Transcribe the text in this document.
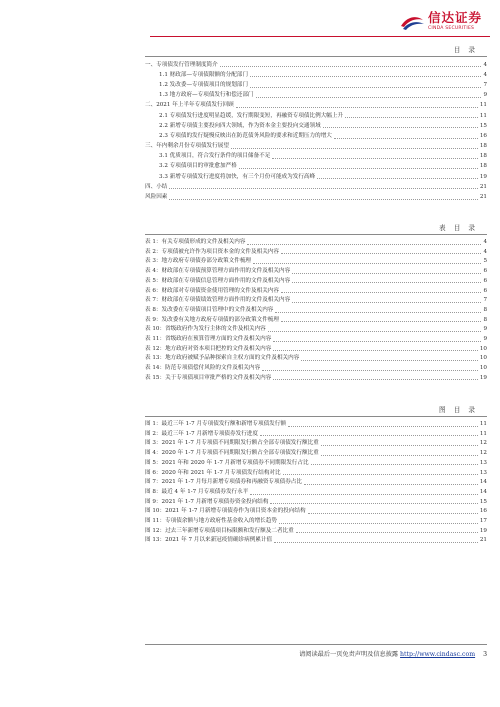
信达证券
CINDA SECURITIES
目 录
一、专项债发行管理制度简介	4
1.1 财政部—专项债限额的分配部门	4
1.2 发改委—专项债项目的规划部门	7
1.3 地方政府—专项债发行和偿还部门	9
二、2021 年上半年专项债发行回顾	11
2.1 专项债发行进度明显趋缓，发行期限变短，再融资专项债比例大幅上升	11
2.2 新增专项债主要投向四大领域，作为资本金主要投向交通领域	15
2.3 专项债的发行疑慢反映出在防范债务风险的要求和近期压力的增大	16
三、年内剩余月份专项债发行展望	18
3.1 优质项目，符合发行条件的项目储备不足	18
3.2 专项债项目的审批愈加严格	18
3.3 新增专项债发行进度将加快，有三个月份可能成为发行高峰	19
四、小结	21
风险因素	21
表 目 录
表 1：有关专项债形成的文件及相关内容	4
表 2：专项债被允许作为项目资本金的文件及相关内容	4
表 3：地方政府专项债券部分政策文件梳理	5
表 4：财政部在专项债预算管理方面作用的文件及相关内容	6
表 5：财政部在专项债信息管理方面作用的文件及相关内容	6
表 6：财政部对专项债资金使用管理的文件及相关内容	6
表 7：财政部在专项债绩效管理方面作用的文件及相关内容	7
表 8：发改委在专项债项目管理中的文件及相关内容	8
表 9：发改委有关地方政府专项债的部分政策文件梳理	8
表 10：省级政府作为发行主体的文件及相关内容	9
表 11：省级政府在预算管理方面的文件及相关内容	9
表 12：地方政府对资本项目把控的文件及相关内容	10
表 13：地方政府被赋予品种探索自主权方面的文件及相关内容	10
表 14：防范专项债偿付风险的文件及相关内容	10
表 15：关于专项债项目审批严格的文件及相关内容	19
图 目 录
图 1：最近三年 1-7 月专项债发行额和新增专项债发行额	11
图 2：最近三年 1-7 月新增专项债券发行进度	11
图 3：2021 年 1-7 月专项债不同期限发行额占全部专项债发行额比重	12
图 4：2020 年 1-7 月专项债不同期限发行额占全部专项债发行额比重	12
图 5：2021 年和 2020 年 1-7 月新增专项债券不同期限发行占比	13
图 6：2020 年和 2021 年 1-7 月专项债发行结构对比	13
图 7：2021 年 1-7 月每月新增专项债券和再融资专项债券占比	14
图 8：最近 4 年 1-7 月专项债券发行永平	14
图 9：2021 年 1-7 月新增专项债券资金投向结构	15
图 10：2021 年 1-7 月新增专项债券作为项目资本金的投向结构	16
图 11：专项债余额与地方政府性基金收入的增长趋势	17
图 12：过去三年新增专项债项目标限额和发行额及二者比重	19
图 13：2021 年 7 月以来新冠疫情确诊病例累计值	21
请阅读最后一页免责声明及信息披露 http://www.cindasc.com 3
